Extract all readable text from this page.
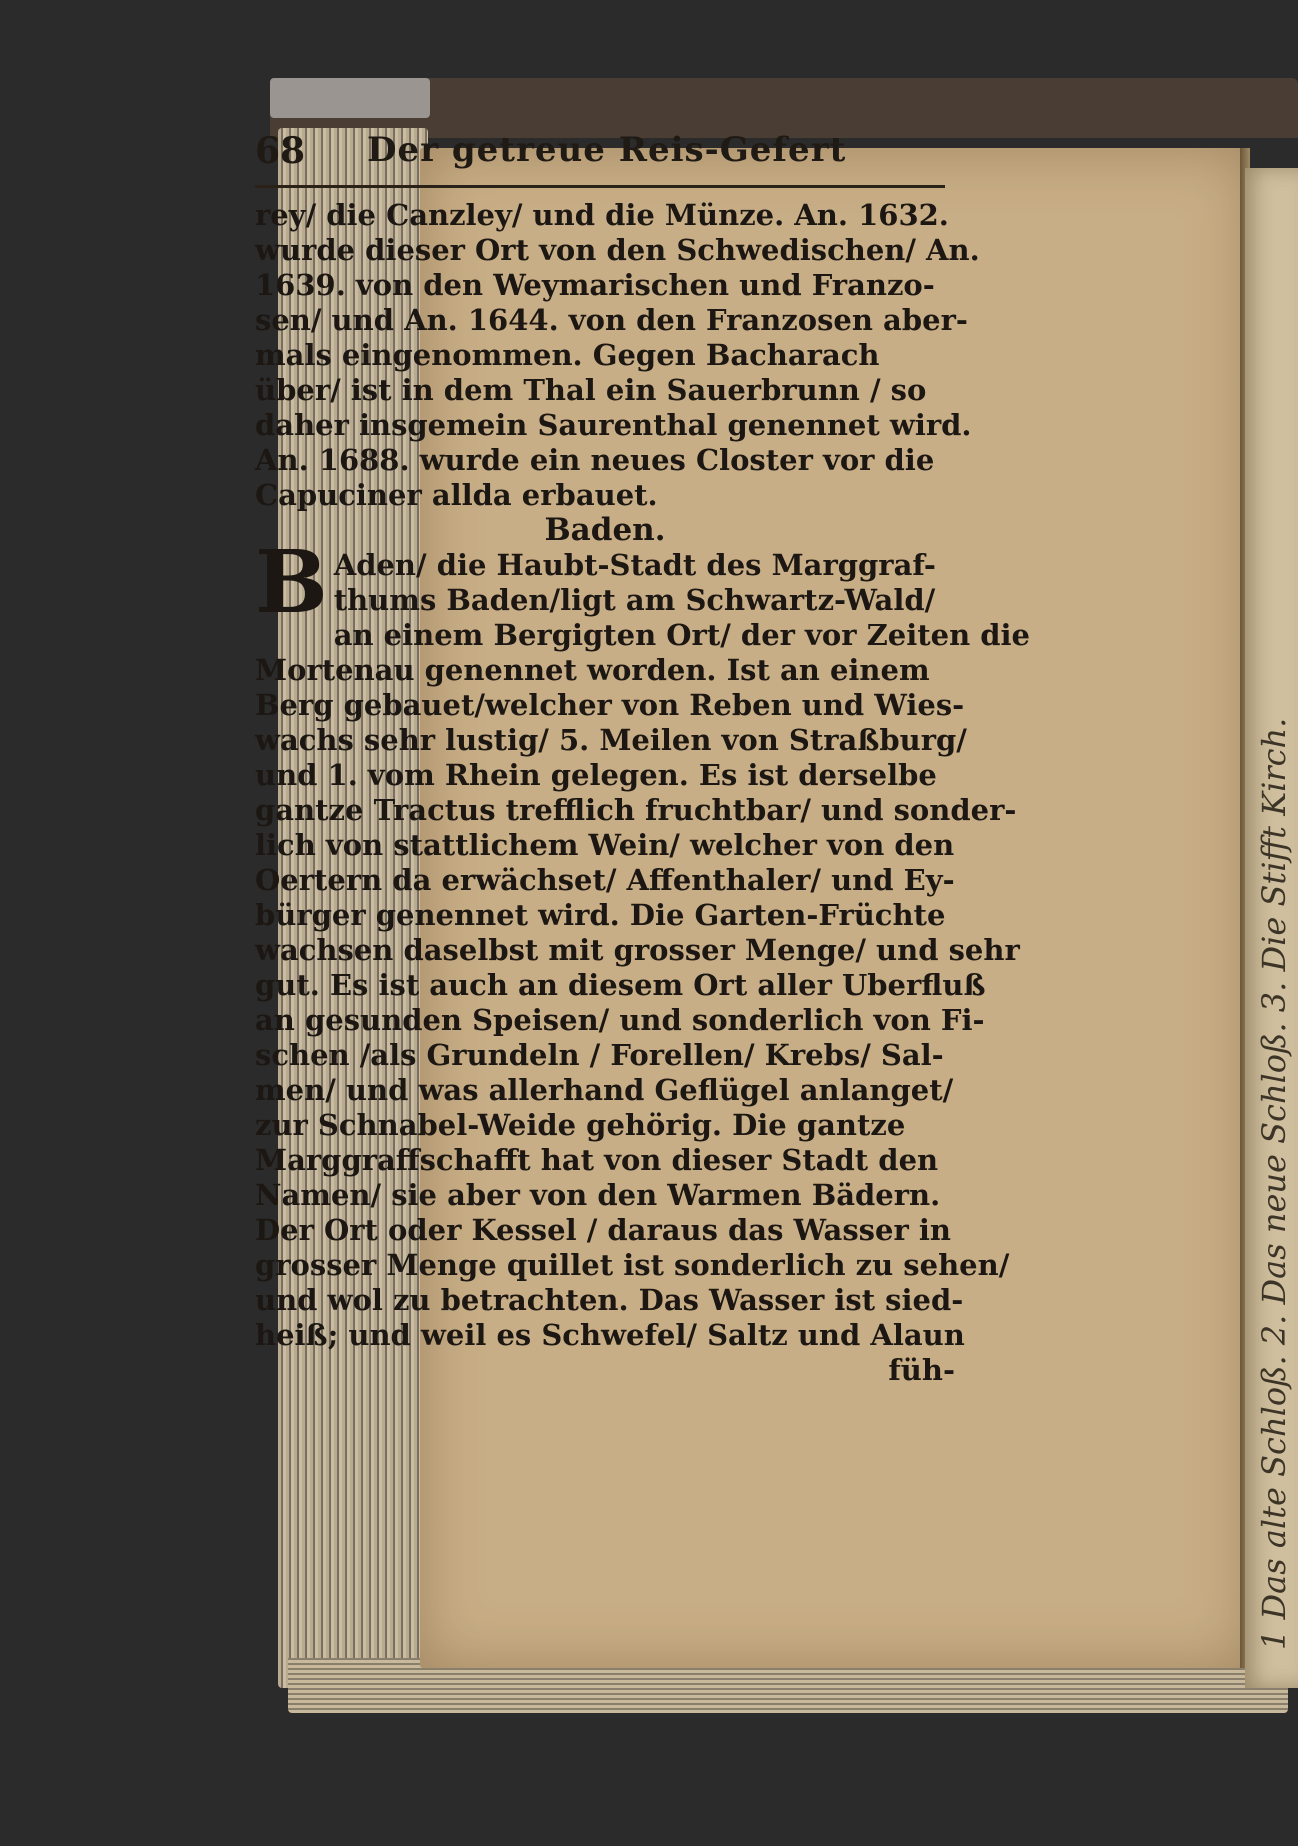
68 Der getreue Reis-Gefert
rey/ die Canzley/ und die Münze. An. 1632.
wurde dieser Ort von den Schwedischen/ An.
1639. von den Weymarischen und Franzo-
sen/ und An. 1644. von den Franzosen aber-
mals eingenommen. Gegen Bacharach
über/ ist in dem Thal ein Sauerbrunn / so
daher insgemein Saurenthal genennet wird.
An. 1688. wurde ein neues Closter vor die
Capuciner allda erbauet.
Baden.
B Aden/ die Haubt-Stadt des Marggraf-
thums Baden/ligt am Schwartz-Wald/
an einem Bergigten Ort/ der vor Zeiten die
Mortenau genennet worden. Ist an einem
Berg gebauet/welcher von Reben und Wies-
wachs sehr lustig/ 5. Meilen von Straßburg/
und 1. vom Rhein gelegen. Es ist derselbe
gantze Tractus trefflich fruchtbar/ und sonder-
lich von stattlichem Wein/ welcher von den
Oertern da erwächset/ Affenthaler/ und Ey-
bürger genennet wird. Die Garten-Früchte
wachsen daselbst mit grosser Menge/ und sehr
gut. Es ist auch an diesem Ort aller Uberfluß
an gesunden Speisen/ und sonderlich von Fi-
schen /als Grundeln / Forellen/ Krebs/ Sal-
men/ und was allerhand Geflügel anlanget/
zur Schnabel-Weide gehörig. Die gantze
Marggraffschafft hat von dieser Stadt den
Namen/ sie aber von den Warmen Bädern.
Der Ort oder Kessel / daraus das Wasser in
grosser Menge quillet ist sonderlich zu sehen/
und wol zu betrachten. Das Wasser ist sied-
heiß; und weil es Schwefel/ Saltz und Alaun
füh-	1 Das alte Schloß. 2. Das neue Schloß. 3. Die Stifft Kirch.
